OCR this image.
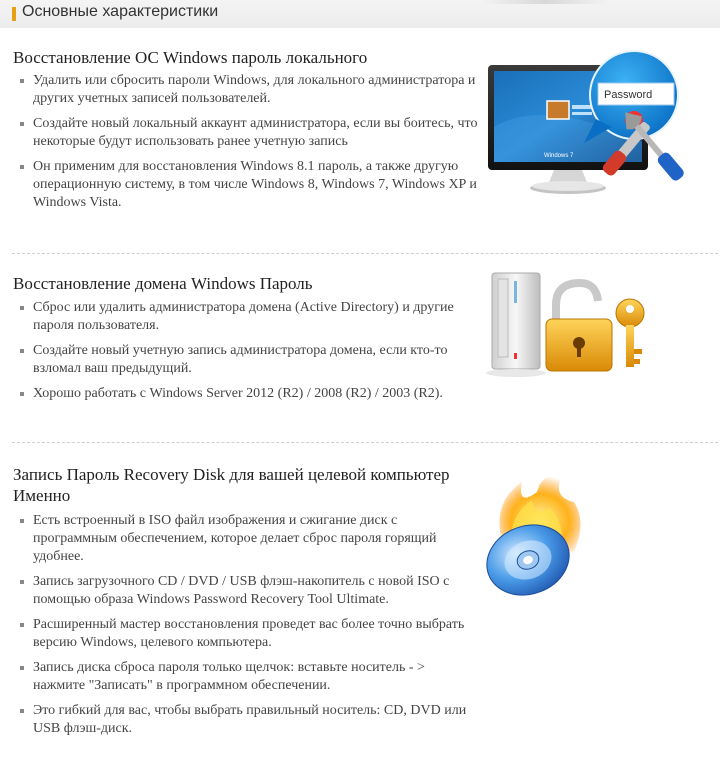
Основные характеристики
Восстановление ОС Windows пароль локального
Удалить или сбросить пароли Windows, для локального администратора и других учетных записей пользователей.
Создайте новый локальный аккаунт администратора, если вы боитесь, что некоторые будут использовать ранее учетную запись
Он применим для восстановления Windows 8.1 пароль, а также другую операционную систему, в том числе Windows 8, Windows 7, Windows XP и Windows Vista.
Windows 7
Password
Восстановление домена Windows Пароль
Сброс или удалить администратора домена (Active Directory) и другие пароля пользователя.
Создайте новый учетную запись администратора домена, если кто-то взломал ваш предыдущий.
Хорошо работать с Windows Server 2012 (R2) / 2008 (R2) / 2003 (R2).
Запись Пароль Recovery Disk для вашей целевой компьютер Именно
Есть встроенный в ISO файл изображения и сжигание диск с программным обеспечением, которое делает сброс пароля горящий удобнее.
Запись загрузочного CD / DVD / USB флэш-накопитель с новой ISO с помощью образа Windows Password Recovery Tool Ultimate.
Расширенный мастер восстановления проведет вас более точно выбрать версию Windows, целевого компьютера.
Запись диска сброса пароля только щелчок: вставьте носитель - > нажмите "Записать" в программном обеспечении.
Это гибкий для вас, чтобы выбрать правильный носитель: CD, DVD или USB флэш-диск.
